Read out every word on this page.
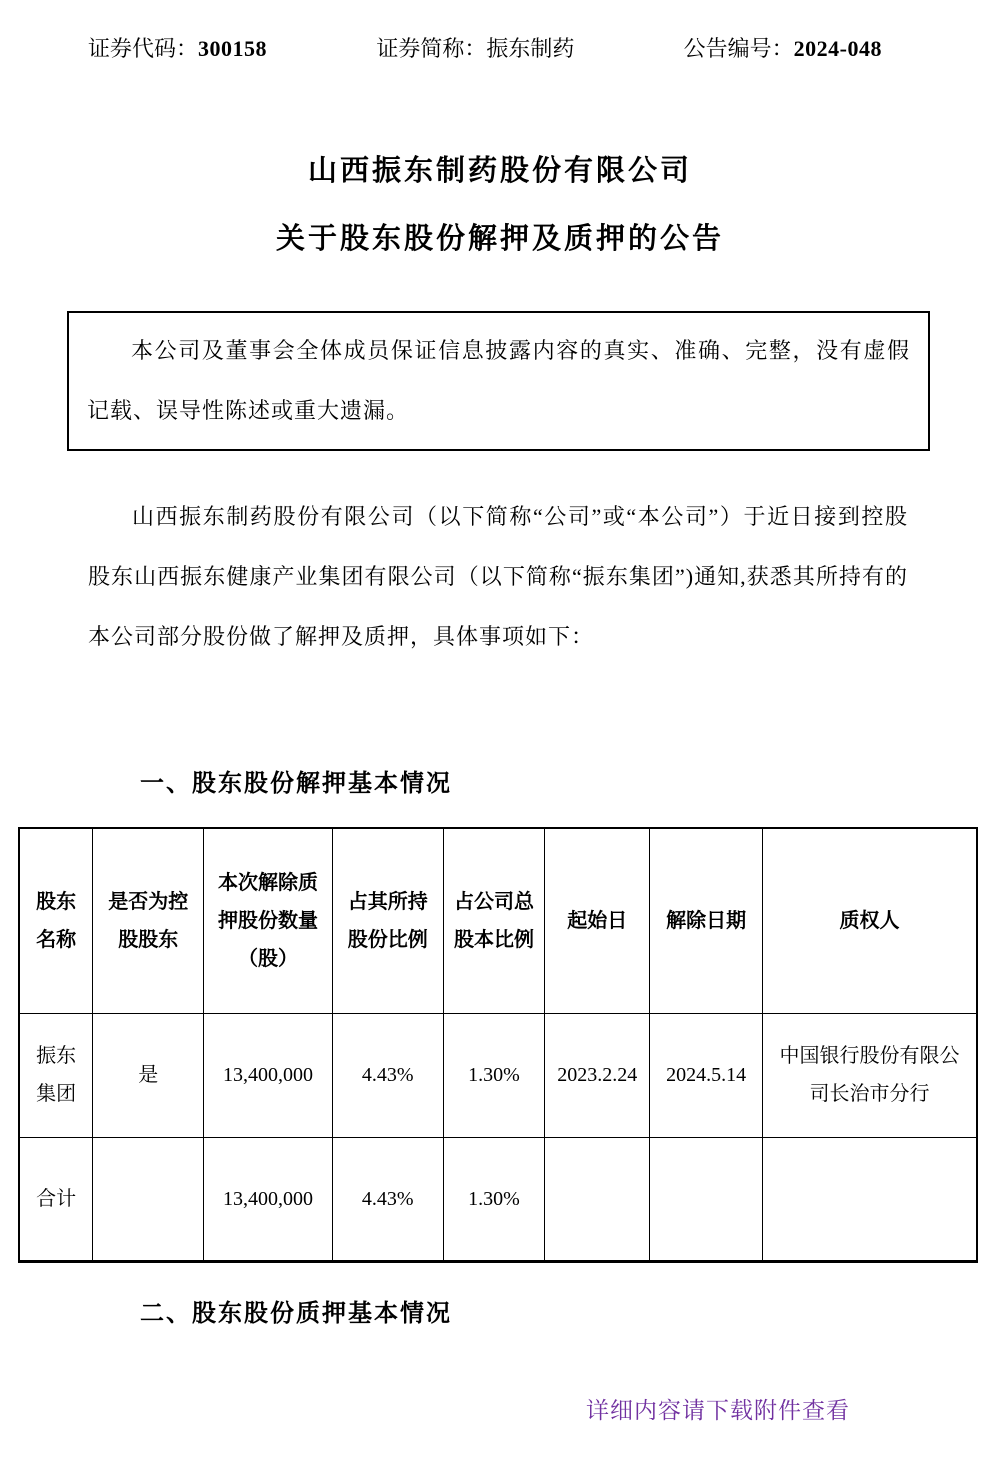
证券代码：300158	证券简称：振东制药	公告编号：2024-048
山西振东制药股份有限公司
关于股东股份解押及质押的公告

本公司及董事会全体成员保证信息披露内容的真实、准确、完整，没有虚假记载、误导性陈述或重大遗漏。

山西振东制药股份有限公司（以下简称“公司”或“本公司”）于近日接到控股股东山西振东健康产业集团有限公司（以下简称“振东集团”)通知,获悉其所持有的本公司部分股份做了解押及质押，具体事项如下：

一、股东股份解押基本情况
股东名称	是否为控股股东	本次解除质押股份数量（股）	占其所持股份比例	占公司总股本比例	起始日	解除日期	质权人
振东集团	是	13,400,000	4.43%	1.30%	2023.2.24	2024.5.14	中国银行股份有限公司长治市分行
合计		13,400,000	4.43%	1.30%			
二、股东股份质押基本情况
详细内容请下载附件查看
